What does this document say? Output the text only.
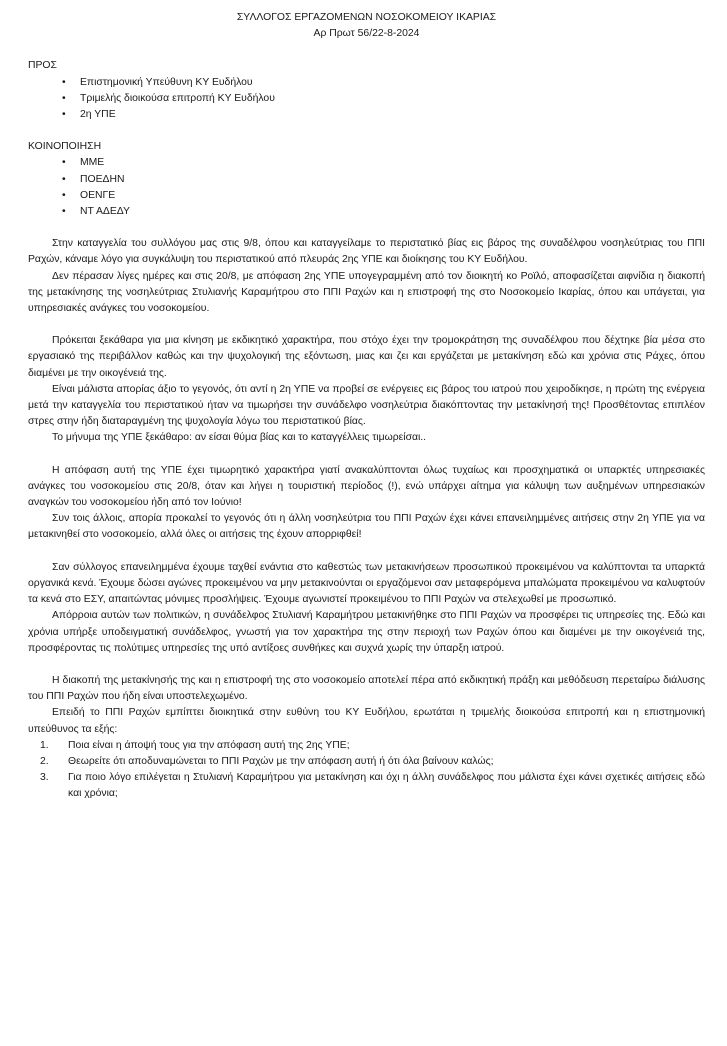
ΣΥΛΛΟΓΟΣ ΕΡΓΑΖΟΜΕΝΩΝ ΝΟΣΟΚΟΜΕΙΟΥ ΙΚΑΡΙΑΣ

Αρ Πρωτ 56/22-8-2024

ΠΡΟΣ

• Επιστημονική Υπεύθυνη ΚΥ Ευδήλου
• Τριμελής διοικούσα επιτροπή ΚΥ Ευδήλου
• 2η ΥΠΕ

ΚΟΙΝΟΠΟΙΗΣΗ

• ΜΜΕ
• ΠΟΕΔΗΝ
• ΟΕΝΓΕ
• ΝΤ ΑΔΕΔΥ

Στην καταγγελία του συλλόγου μας στις 9/8, όπου και καταγγείλαμε το περιστατικό βίας εις βάρος της συναδέλφου νοσηλεύτριας του ΠΠΙ Ραχών, κάναμε λόγο για συγκάλυψη του περιστατικού από πλευράς 2ης ΥΠΕ και διοίκησης του ΚΥ Ευδήλου.

Δεν πέρασαν λίγες ημέρες και στις 20/8, με απόφαση 2ης ΥΠΕ υπογεγραμμένη από τον διοικητή κο Ροϊλό, αποφασίζεται αιφνίδια η διακοπή της μετακίνησης της νοσηλεύτριας Στυλιανής Καραμήτρου στο ΠΠΙ Ραχών και η επιστροφή της στο Νοσοκομείο Ικαρίας, όπου και υπάγεται, για υπηρεσιακές ανάγκες του νοσοκομείου.

Πρόκειται ξεκάθαρα για μια κίνηση με εκδικητικό χαρακτήρα, που στόχο έχει την τρομοκράτηση της συναδέλφου που δέχτηκε βία μέσα στο εργασιακό της περιβάλλον καθώς και την ψυχολογική της εξόντωση, μιας και ζει και εργάζεται με μετακίνηση εδώ και χρόνια στις Ράχες, όπου διαμένει με την οικογένειά της.

Είναι μάλιστα απορίας άξιο το γεγονός, ότι αντί η 2η ΥΠΕ να προβεί σε ενέργειες εις βάρος του ιατρού που χειροδίκησε, η πρώτη της ενέργεια μετά την καταγγελία του περιστατικού ήταν να τιμωρήσει την συνάδελφο νοσηλεύτρια διακόπτοντας την μετακίνησή της! Προσθέτοντας επιπλέον στρες στην ήδη διαταραγμένη της ψυχολογία λόγω του περιστατικού βίας.

Το μήνυμα της ΥΠΕ ξεκάθαρο: αν είσαι θύμα βίας και το καταγγέλλεις τιμωρείσαι..

Η απόφαση αυτή της ΥΠΕ έχει τιμωρητικό χαρακτήρα γιατί ανακαλύπτονται όλως τυχαίως και προσχηματικά οι υπαρκτές υπηρεσιακές ανάγκες του νοσοκομείου στις 20/8, όταν και λήγει η τουριστική περίοδος (!), ενώ υπάρχει αίτημα για κάλυψη των αυξημένων υπηρεσιακών αναγκών του νοσοκομείου ήδη από τον Ιούνιο!

Συν τοις άλλοις, απορία προκαλεί το γεγονός ότι η άλλη νοσηλεύτρια του ΠΠΙ Ραχών έχει κάνει επανειλημμένες αιτήσεις στην 2η ΥΠΕ για να μετακινηθεί στο νοσοκομείο, αλλά όλες οι αιτήσεις της έχουν απορριφθεί!

Σαν σύλλογος επανειλημμένα έχουμε ταχθεί ενάντια στο καθεστώς των μετακινήσεων προσωπικού προκειμένου να καλύπτονται τα υπαρκτά οργανικά κενά. Έχουμε δώσει αγώνες προκειμένου να μην μετακινούνται οι εργαζόμενοι σαν μεταφερόμενα μπαλώματα προκειμένου να καλυφτούν τα κενά στο ΕΣΥ, απαιτώντας μόνιμες προσλήψεις. Έχουμε αγωνιστεί προκειμένου το ΠΠΙ Ραχών να στελεχωθεί με προσωπικό.

Απόρροια αυτών των πολιτικών, η συνάδελφος Στυλιανή Καραμήτρου μετακινήθηκε στο ΠΠΙ Ραχών να προσφέρει τις υπηρεσίες της. Εδώ και χρόνια υπήρξε υποδειγματική συνάδελφος, γνωστή για τον χαρακτήρα της στην περιοχή των Ραχών όπου και διαμένει με την οικογένειά της, προσφέροντας τις πολύτιμες υπηρεσίες της υπό αντίξοες συνθήκες και συχνά χωρίς την ύπαρξη ιατρού.

Η διακοπή της μετακίνησής της και η επιστροφή της στο νοσοκομείο αποτελεί πέρα από εκδικητική πράξη και μεθόδευση περεταίρω διάλυσης του ΠΠΙ Ραχών που ήδη είναι υποστελεχωμένο.

Επειδή το ΠΠΙ Ραχών εμπίπτει διοικητικά στην ευθύνη του ΚΥ Ευδήλου, ερωτάται η τριμελής διοικούσα επιτροπή και η επιστημονική υπεύθυνος τα εξής:

1. Ποια είναι η άποψή τους για την απόφαση αυτή της 2ης ΥΠΕ;
2. Θεωρείτε ότι αποδυναμώνεται το ΠΠΙ Ραχών με την απόφαση αυτή ή ότι όλα βαίνουν καλώς;
3. Για ποιο λόγο επιλέγεται η Στυλιανή Καραμήτρου για μετακίνηση και όχι η άλλη συνάδελφος που μάλιστα έχει κάνει σχετικές αιτήσεις εδώ και χρόνια;
